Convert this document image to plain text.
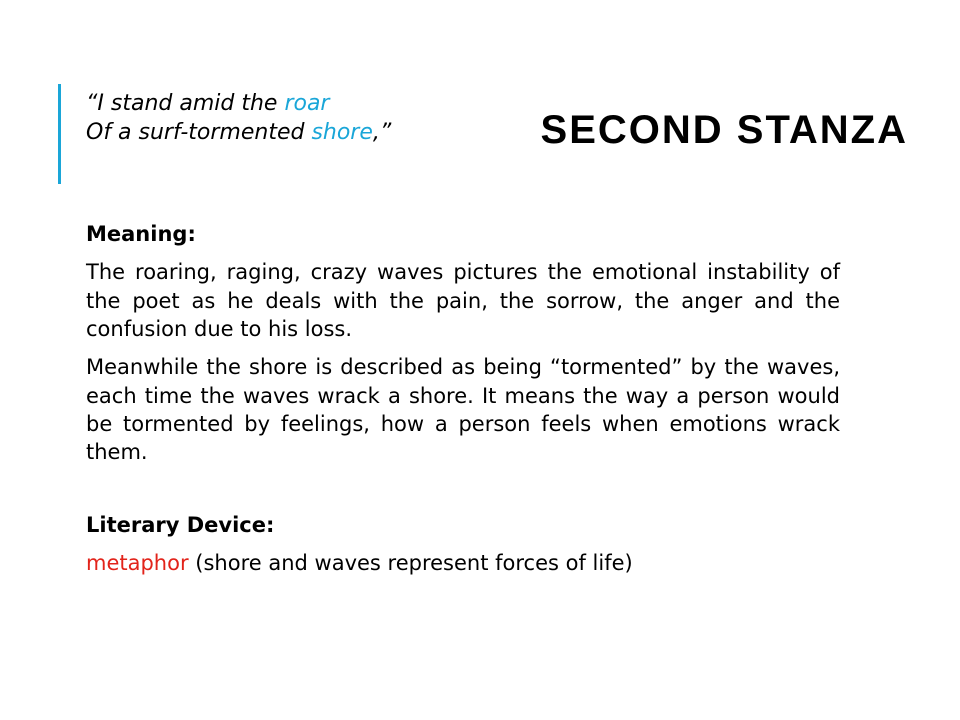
“I stand amid the roar
Of a surf-tormented shore,”	SECOND STANZA
Meaning:
The roaring, raging, crazy waves pictures the emotional instability of the poet as he deals with the pain, the sorrow, the anger and the confusion due to his loss.
Meanwhile the shore is described as being “tormented” by the waves, each time the waves wrack a shore. It means the way a person would be tormented by feelings, how a person feels when emotions wrack them.
Literary Device:
metaphor (shore and waves represent forces of life)
